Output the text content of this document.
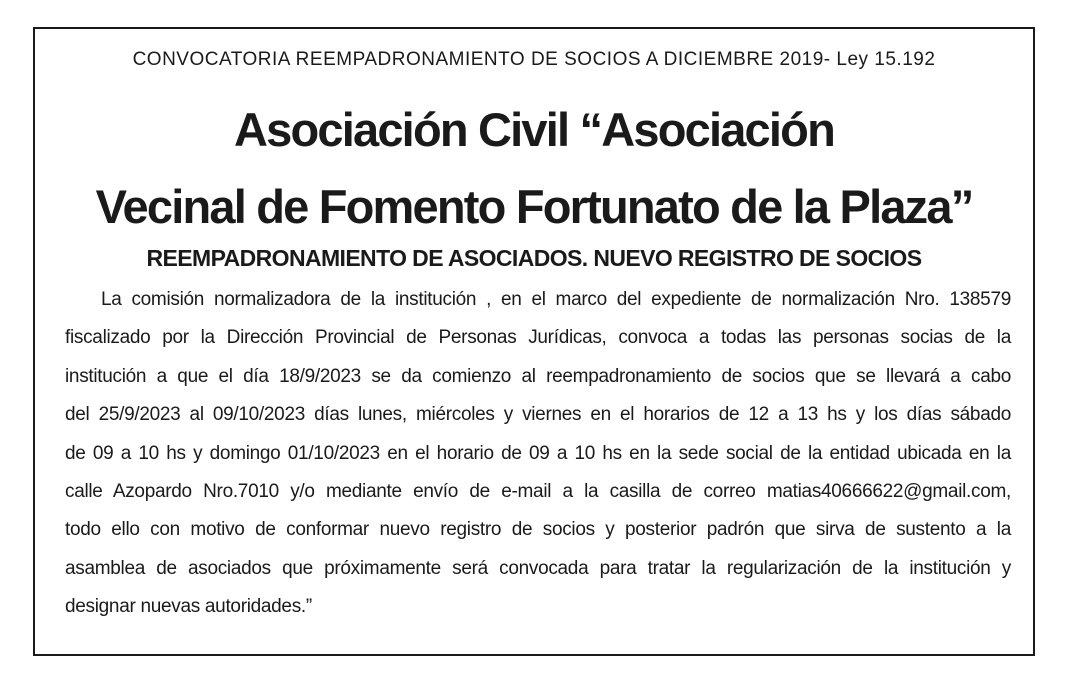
CONVOCATORIA REEMPADRONAMIENTO DE SOCIOS A DICIEMBRE 2019- Ley 15.192
Asociación Civil “Asociación
Vecinal de Fomento Fortunato de la Plaza”
REEMPADRONAMIENTO DE ASOCIADOS. NUEVO REGISTRO DE SOCIOS
La comisión normalizadora de la institución , en el marco del expediente de normalización Nro. 138579
fiscalizado por la Dirección Provincial de Personas Jurídicas, convoca a todas las personas socias de la
institución a que el día 18/9/2023 se da comienzo al reempadronamiento de socios que se llevará a cabo
del 25/9/2023 al 09/10/2023 días lunes, miércoles y viernes en el horarios de 12 a 13 hs y los días sábado
de 09 a 10 hs y domingo 01/10/2023 en el horario de 09 a 10 hs en la sede social de la entidad ubicada en la
calle Azopardo Nro.7010 y/o mediante envío de e-mail a la casilla de correo matias40666622@gmail.com,
todo ello con motivo de conformar nuevo registro de socios y posterior padrón que sirva de sustento a la
asamblea de asociados que próximamente será convocada para tratar la regularización de la institución y
designar nuevas autoridades.”
